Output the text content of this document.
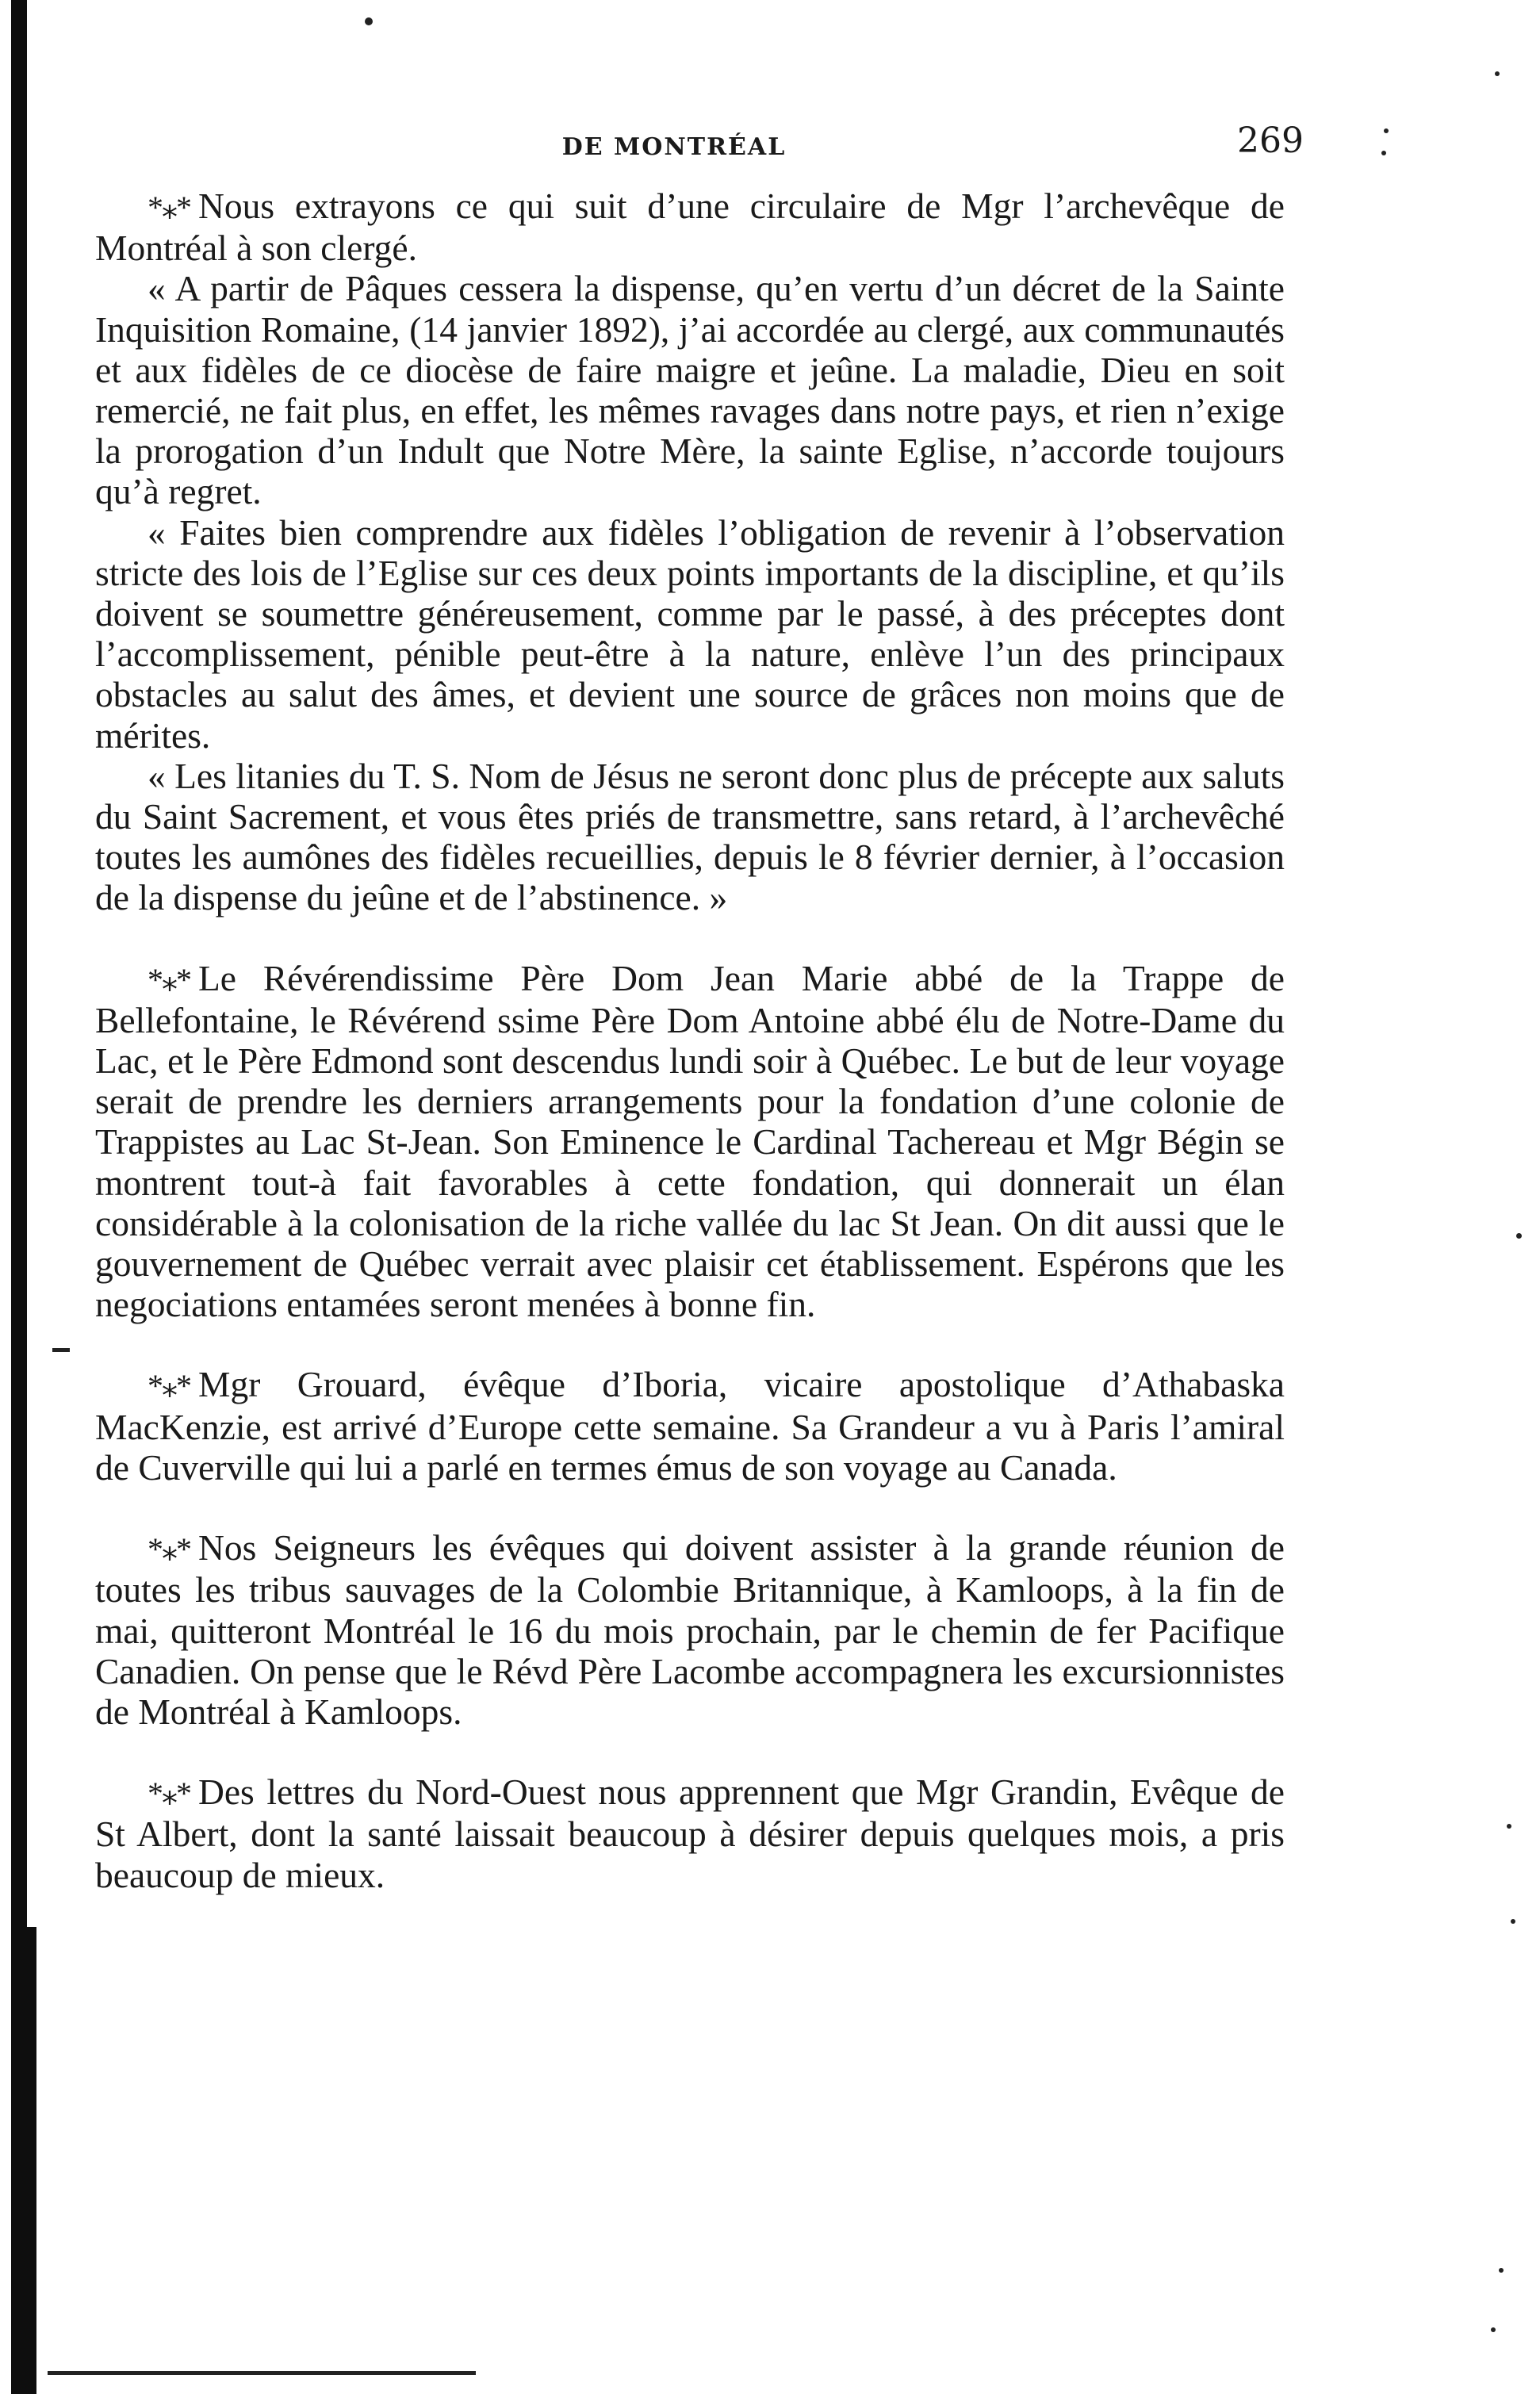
DE MONTRÉAL	269

*⁎* Nous extrayons ce qui suit d’une circulaire de Mgr l’archevêque de Montréal à son clergé.

« A partir de Pâques cessera la dispense, qu’en vertu d’un décret de la Sainte Inquisition Romaine, (14 janvier 1892), j’ai accordée au clergé, aux communautés et aux fidèles de ce diocèse de faire maigre et jeûne. La maladie, Dieu en soit remercié, ne fait plus, en effet, les mêmes ravages dans notre pays, et rien n’exige la prorogation d’un Indult que Notre Mère, la sainte Eglise, n’accorde toujours qu’à regret.

« Faites bien comprendre aux fidèles l’obligation de revenir à l’observation stricte des lois de l’Eglise sur ces deux points importants de la discipline, et qu’ils doivent se soumettre généreusement, comme par le passé, à des préceptes dont l’accomplissement, pénible peut-être à la nature, enlève l’un des principaux obstacles au salut des âmes, et devient une source de grâces non moins que de mérites.

« Les litanies du T. S. Nom de Jésus ne seront donc plus de précepte aux saluts du Saint Sacrement, et vous êtes priés de transmettre, sans retard, à l’archevêché toutes les aumônes des fidèles recueillies, depuis le 8 février dernier, à l’occasion de la dispense du jeûne et de l’abstinence. »

*⁎* Le Révérendissime Père Dom Jean Marie abbé de la Trappe de Bellefontaine, le Révérend ssime Père Dom Antoine abbé élu de Notre-Dame du Lac, et le Père Edmond sont descendus lundi soir à Québec. Le but de leur voyage serait de prendre les derniers arrangements pour la fondation d’une colonie de Trappistes au Lac St-Jean. Son Eminence le Cardinal Tachereau et Mgr Bégin se montrent tout-à fait favorables à cette fondation, qui donnerait un élan considérable à la colonisation de la riche vallée du lac St Jean. On dit aussi que le gouvernement de Québec verrait avec plaisir cet établissement. Espérons que les negociations entamées seront menées à bonne fin.

*⁎* Mgr Grouard, évêque d’Iboria, vicaire apostolique d’Athabaska MacKenzie, est arrivé d’Europe cette semaine. Sa Grandeur a vu à Paris l’amiral de Cuverville qui lui a parlé en termes émus de son voyage au Canada.

*⁎* Nos Seigneurs les évêques qui doivent assister à la grande réunion de toutes les tribus sauvages de la Colombie Britannique, à Kamloops, à la fin de mai, quitteront Montréal le 16 du mois prochain, par le chemin de fer Pacifique Canadien. On pense que le Révd Père Lacombe accompagnera les excursionnistes de Montréal à Kamloops.

*⁎* Des lettres du Nord-Ouest nous apprennent que Mgr Grandin, Evêque de St Albert, dont la santé laissait beaucoup à désirer depuis quelques mois, a pris beaucoup de mieux.
